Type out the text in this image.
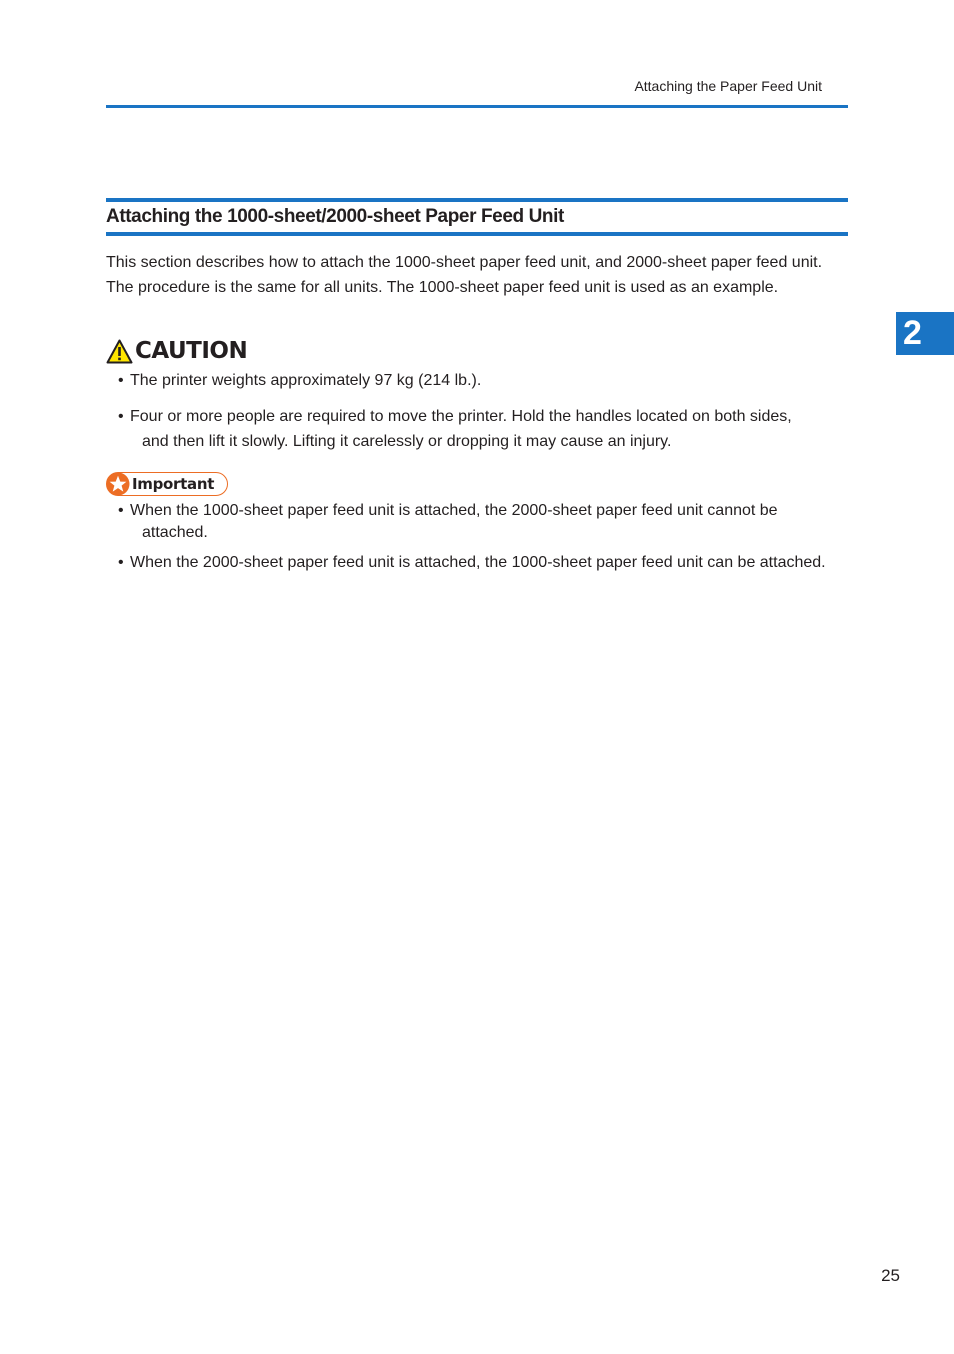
Attaching the Paper Feed Unit
Attaching the 1000-sheet/2000-sheet Paper Feed Unit

This section describes how to attach the 1000-sheet paper feed unit, and 2000-sheet paper feed unit.

The procedure is the same for all units. The 1000-sheet paper feed unit is used as an example.

CAUTION
• The printer weights approximately 97 kg (214 lb.).
• Four or more people are required to move the printer. Hold the handles located on both sides,
and then lift it slowly. Lifting it carelessly or dropping it may cause an injury.
Important
• When the 1000-sheet paper feed unit is attached, the 2000-sheet paper feed unit cannot be
attached.
• When the 2000-sheet paper feed unit is attached, the 1000-sheet paper feed unit can be attached.
2
25
